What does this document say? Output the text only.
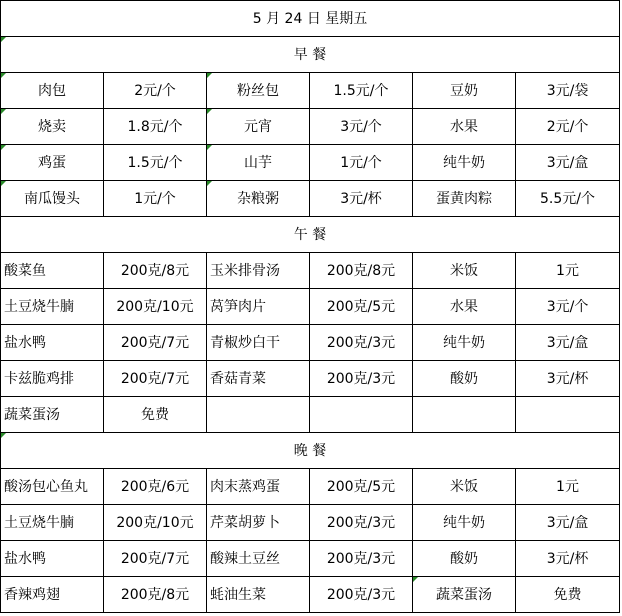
5 月 24 日 星期五					
早 餐					
肉包	2元/个	粉丝包	1.5元/个	豆奶	3元/袋
烧卖	1.8元/个	元宵	3元/个	水果	2元/个
鸡蛋	1.5元/个	山芋	1元/个	纯牛奶	3元/盒
南瓜馒头	1元/个	杂粮粥	3元/杯	蛋黄肉粽	5.5元/个
午 餐					
酸菜鱼	200克/8元	玉米排骨汤	200克/8元	米饭	1元
土豆烧牛腩	200克/10元	莴笋肉片	200克/5元	水果	3元/个
盐水鸭	200克/7元	青椒炒白干	200克/3元	纯牛奶	3元/盒
卡兹脆鸡排	200克/7元	香菇青菜	200克/3元	酸奶	3元/杯
蔬菜蛋汤	免费				
晚 餐					
酸汤包心鱼丸	200克/6元	肉末蒸鸡蛋	200克/5元	米饭	1元
土豆烧牛腩	200克/10元	芹菜胡萝卜	200克/3元	纯牛奶	3元/盒
盐水鸭	200克/7元	酸辣土豆丝	200克/3元	酸奶	3元/杯
香辣鸡翅	200克/8元	蚝油生菜	200克/3元	蔬菜蛋汤	免费
